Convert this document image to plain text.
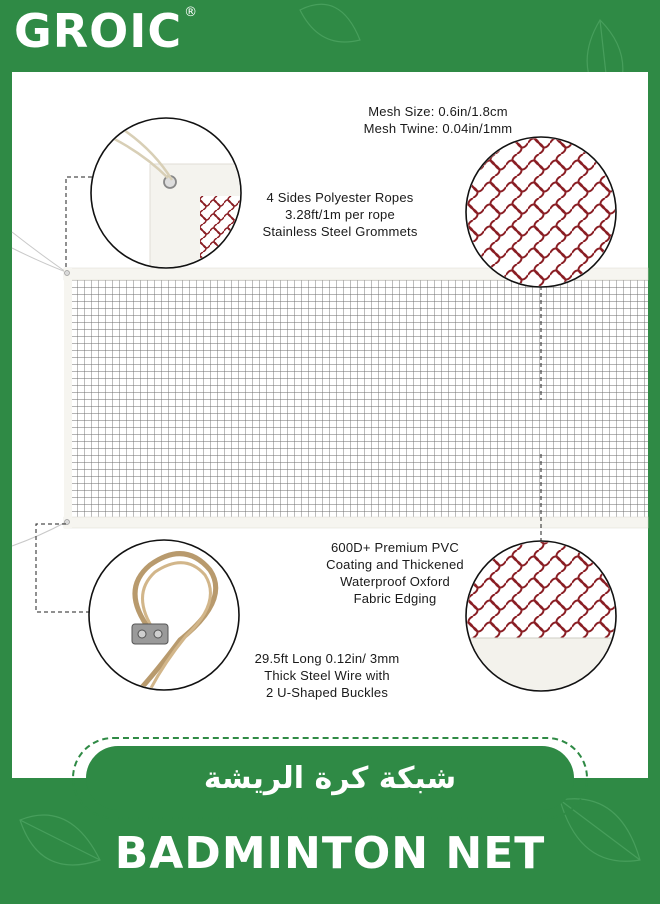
GROIC ®
Mesh Size: 0.6in/1.8cm
Mesh Twine: 0.04in/1mm
4 Sides Polyester Ropes
3.28ft/1m per rope
Stainless Steel Grommets
600D+ Premium PVC
Coating and Thickened
Waterproof Oxford
Fabric Edging
29.5ft Long 0.12in/ 3mm
Thick Steel Wire with
2 U-Shaped Buckles
شبكة كرة الريشة
BADMINTON NET
